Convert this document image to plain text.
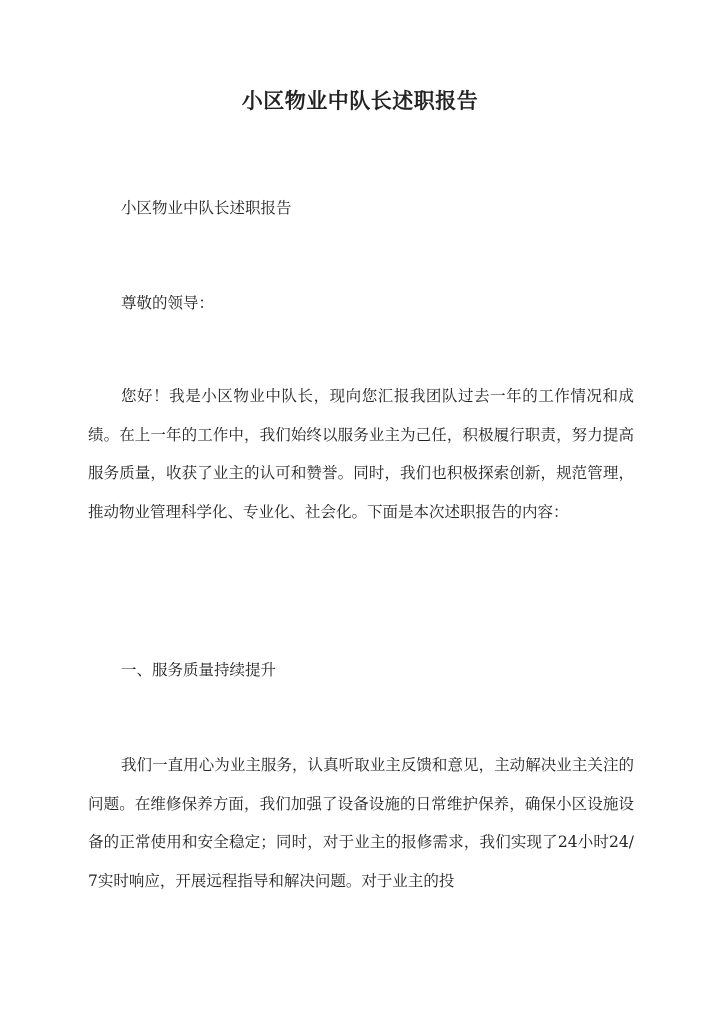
小区物业中队长述职报告

小区物业中队长述职报告

尊敬的领导：

您好！我是小区物业中队长，现向您汇报我团队过去一年的工作情况和成绩。在上一年的工作中，我们始终以服务业主为己任，积极履行职责，努力提高服务质量，收获了业主的认可和赞誉。同时，我们也积极探索创新，规范管理，推动物业管理科学化、专业化、社会化。下面是本次述职报告的内容：

一、服务质量持续提升

我们一直用心为业主服务，认真听取业主反馈和意见，主动解决业主关注的问题。在维修保养方面，我们加强了设备设施的日常维护保养，确保小区设施设备的正常使用和安全稳定；同时，对于业主的报修需求，我们实现了24小时24/7实时响应，开展远程指导和解决问题。对于业主的投
